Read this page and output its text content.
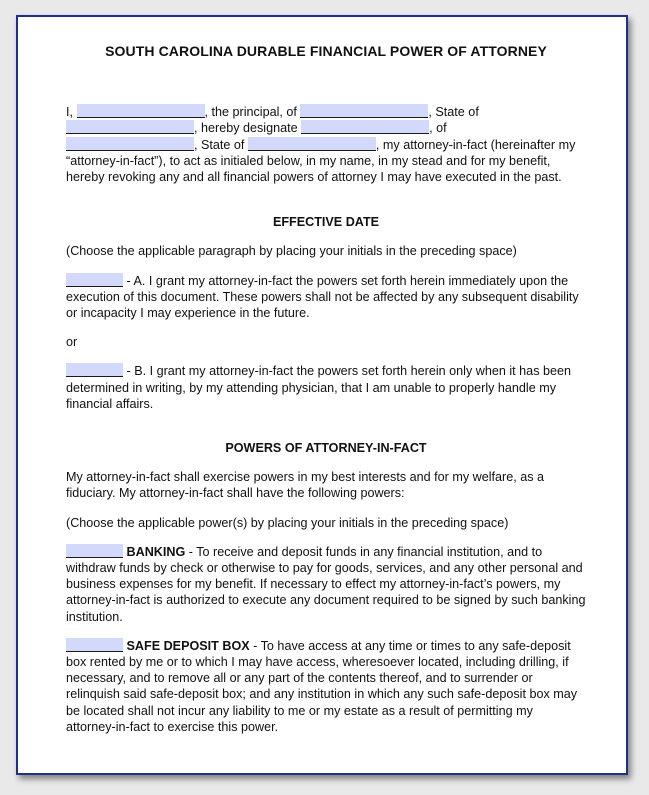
SOUTH CAROLINA DURABLE FINANCIAL POWER OF ATTORNEY

I,	, the principal, of	, State of
, hereby designate	, of
, State of	, my attorney-in-fact (hereinafter my “attorney-in-fact”), to act as initialed below, in my name, in my stead and for my benefit, hereby revoking any and all financial powers of attorney I may have executed in the past.

EFFECTIVE DATE

(Choose the applicable paragraph by placing your initials in the preceding space)

- A. I grant my attorney-in-fact the powers set forth herein immediately upon the execution of this document. These powers shall not be affected by any subsequent disability or incapacity I may experience in the future.

or

- B. I grant my attorney-in-fact the powers set forth herein only when it has been determined in writing, by my attending physician, that I am unable to properly handle my financial affairs.

POWERS OF ATTORNEY-IN-FACT

My attorney-in-fact shall exercise powers in my best interests and for my welfare, as a fiduciary. My attorney-in-fact shall have the following powers:

(Choose the applicable power(s) by placing your initials in the preceding space)

BANKING - To receive and deposit funds in any financial institution, and to withdraw funds by check or otherwise to pay for goods, services, and any other personal and business expenses for my benefit. If necessary to effect my attorney-in-fact’s powers, my attorney-in-fact is authorized to execute any document required to be signed by such banking institution.

SAFE DEPOSIT BOX - To have access at any time or times to any safe-deposit box rented by me or to which I may have access, wheresoever located, including drilling, if necessary, and to remove all or any part of the contents thereof, and to surrender or relinquish said safe-deposit box; and any institution in which any such safe-deposit box may be located shall not incur any liability to me or my estate as a result of permitting my attorney-in-fact to exercise this power.
